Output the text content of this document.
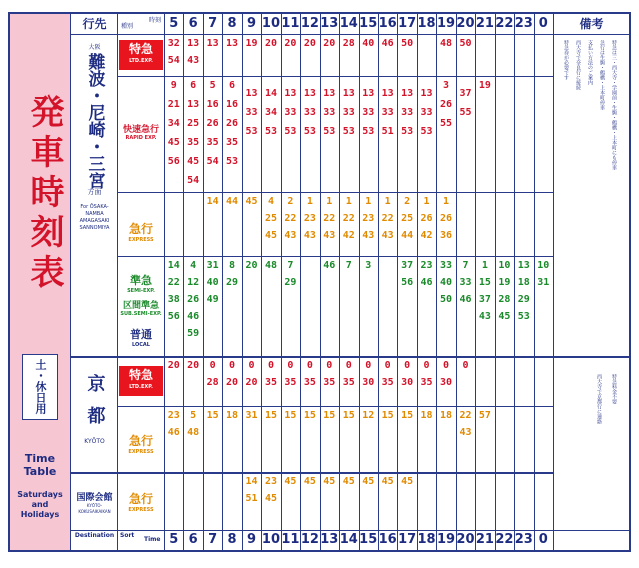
発車時刻表
土・休日用
Time Table
Saturdays and Holidays
行先
大阪
難波・尼崎・三宮
方面
For ŌSAKA-NAMBA AMAGASAKI SANNOMIYA
京都
KYŌTO
国際会館
KYŌTO-KOKUSAIKAIKAN
種別
時刻
特急
LTD.EXP.
快速急行
RAPID EXP.
急行
EXPRESS
準急
SEMI-EXP.
区間準急
SUB.SEMI-EXP.
普通
LOCAL
特急
LTD.EXP.
急行
EXPRESS
急行
EXPRESS
備考
特急は三・西大寺・学園前・生駒・鶴橋・上本町にも停車
急行は生駒・鶴橋・上本町停車
支払い方法のご案内
西大寺で奈良行に接続
特急券が必要です
特急料金不要
西大寺で京都行に連絡
Destination Sort
Time
5
5
32
54
9
21
34
45
56
14
22
38
56
20
23
46
6
6
13
43
6
13
25
35
45
54
4
12
26
46
59
20
5
48
7
7
13
5
16
26
35
54
14
31
40
49
0
28
15
8
8
13
6
16
26
35
53
44
8
29
0
20
18
9
9
19
13
33
53
45
20
0
20
31
14
51
10
10
20
14
34
53
4
25
45
48
0
35
15
23
45
11
11
20
13
33
53
2
22
43
7
29
0
35
15
45
12
12
20
13
33
53
1
23
43
0
35
15
45
13
13
20
13
33
53
1
22
43
46
0
35
15
45
14
14
28
13
33
53
1
22
42
7
0
35
15
45
15
15
40
13
33
53
1
23
43
3
0
30
12
45
16
16
46
13
33
51
1
22
43
0
35
15
45
17
17
50
13
33
53
2
25
44
37
56
0
30
15
45
18
18
13
33
53
1
26
42
23
46
0
35
18
19
19
48
3
26
55
1
26
36
33
40
50
0
30
18
20
20
50
37
55
7
33
46
0
22
43
21
21
19
1
15
37
43
57
22
22
10
19
28
45
23
23
13
18
29
53
0
0
10
31
